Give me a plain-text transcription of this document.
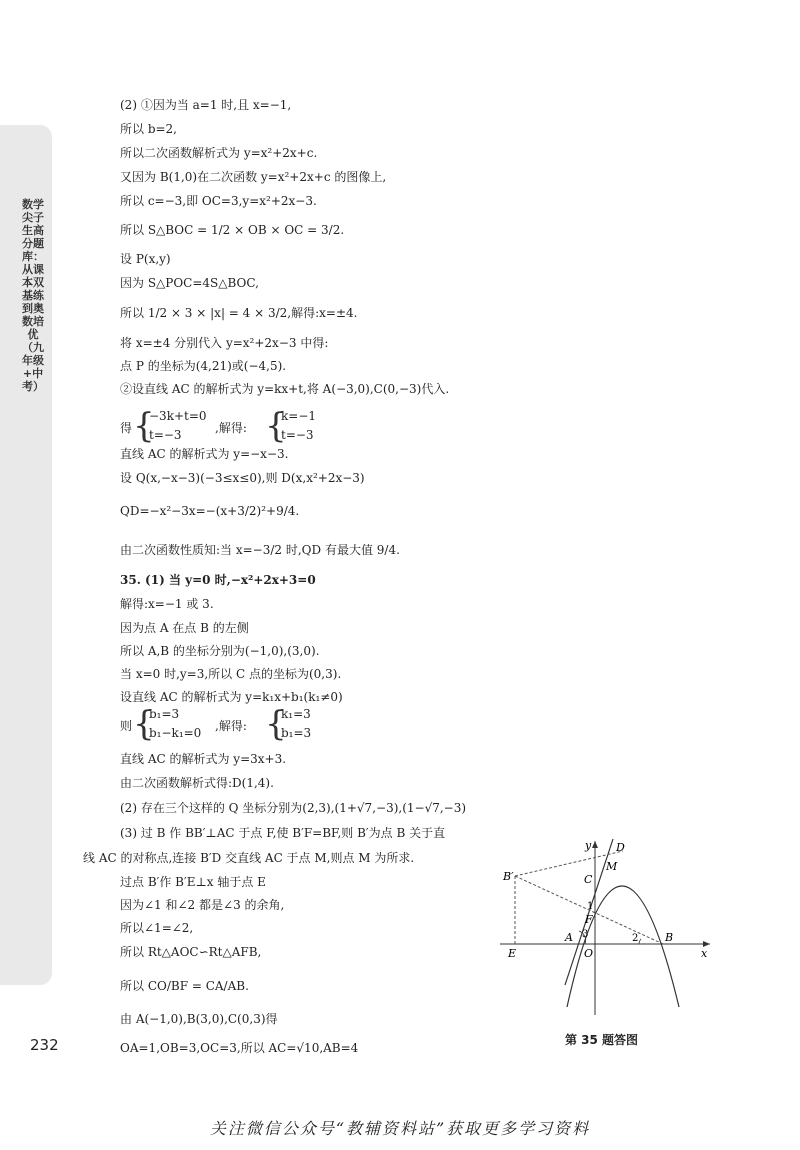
数学尖子生高分题库：从课本双基练到奥数培优（九年级+中考）
232
(2) ①因为当 a=1 时,且 x=−1,
所以 b=2,
所以二次函数解析式为 y=x²+2x+c.
又因为 B(1,0)在二次函数 y=x²+2x+c 的图像上,
所以 c=−3,即 OC=3,y=x²+2x−3.
所以 S△BOC = 1/2 × OB × OC = 3/2.
设 P(x,y)
因为 S△POC=4S△BOC,
所以 1/2 × 3 × |x| = 4 × 3/2,解得:x=±4.
将 x=±4 分别代入 y=x²+2x−3 中得:
点 P 的坐标为(4,21)或(−4,5).
②设直线 AC 的解析式为 y=kx+t,将 A(−3,0),C(0,−3)代入.
得 {
−3k+t=0
t=−3	,解得: {
k=−1
t=−3
直线 AC 的解析式为 y=−x−3.
设 Q(x,−x−3)(−3≤x≤0),则 D(x,x²+2x−3)
QD=−x²−3x=−(x+3/2)²+9/4.
由二次函数性质知:当 x=−3/2 时,QD 有最大值 9/4.
35. (1) 当 y=0 时,−x²+2x+3=0
解得:x=−1 或 3.
因为点 A 在点 B 的左侧
所以 A,B 的坐标分别为(−1,0),(3,0).
当 x=0 时,y=3,所以 C 点的坐标为(0,3).
设直线 AC 的解析式为 y=k₁x+b₁(k₁≠0)
则 {
b₁=3
b₁−k₁=0 ,解得: {
k₁=3
b₁=3
直线 AC 的解析式为 y=3x+3.
由二次函数解析式得:D(1,4).
(2) 存在三个这样的 Q 坐标分别为(2,3),(1+√7,−3),(1−√7,−3)
(3) 过 B 作 BB′⊥AC 于点 F,使 B′F=BF,则 B′为点 B 关于直
线 AC 的对称点,连接 B′D 交直线 AC 于点 M,则点 M 为所求.
过点 B′作 B′E⊥x 轴于点 E
因为∠1 和∠2 都是∠3 的余角,
所以∠1=∠2,
所以 Rt△AOC∽Rt△AFB,
所以 CO/BF = CA/AB.
由 A(−1,0),B(3,0),C(0,3)得
OA=1,OB=3,OC=3,所以 AC=√10,AB=4
y
x
O
A	B
C
D
E
F
M
B′
1
2
3
第 35 题答图
关注微信公众号“教辅资料站”获取更多学习资料
